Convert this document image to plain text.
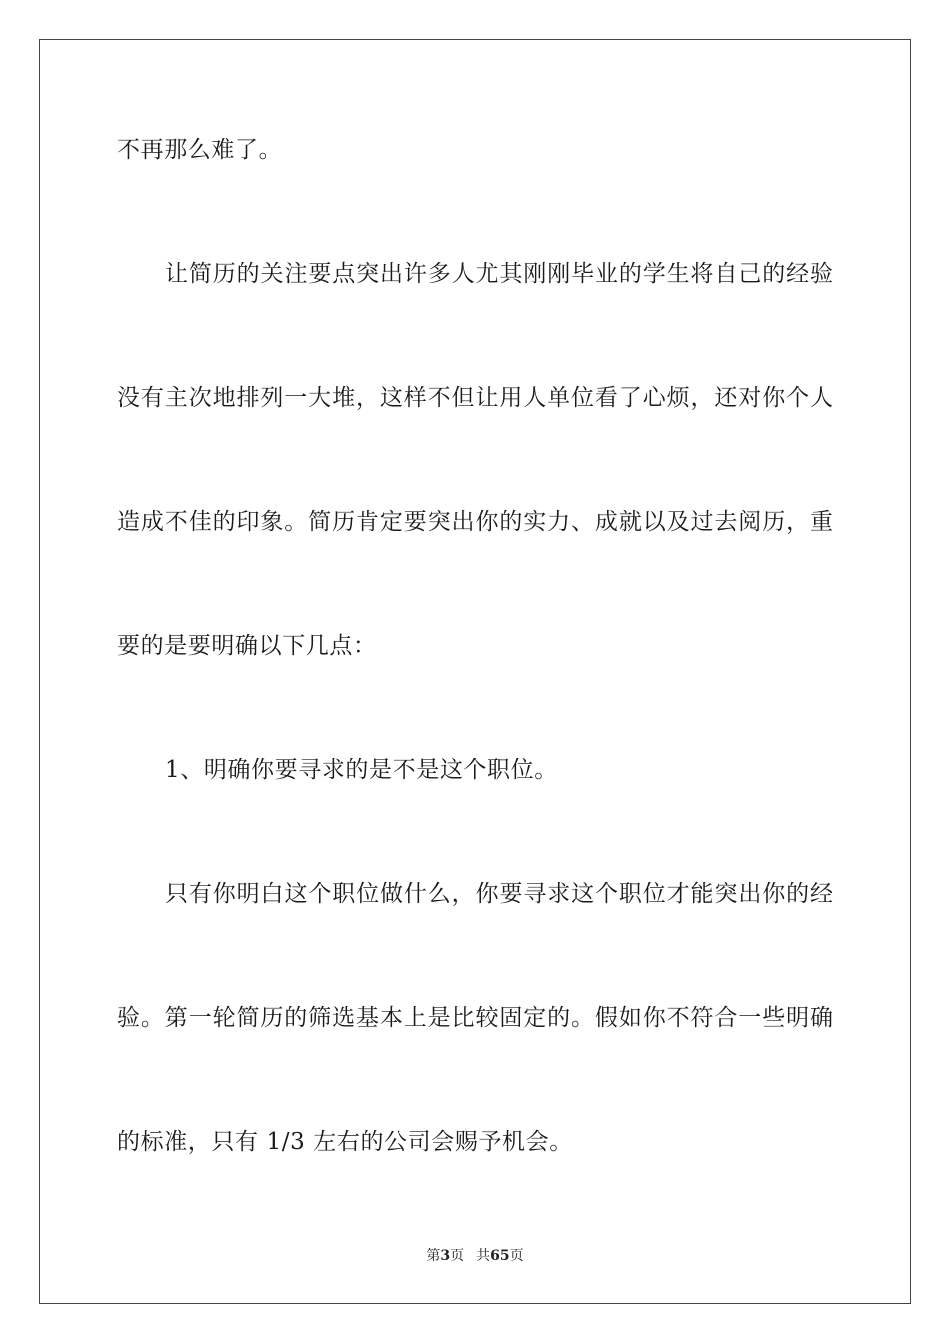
不再那么难了。
让简历的关注要点突出许多人尤其刚刚毕业的学生将自己的经验
没有主次地排列一大堆，这样不但让用人单位看了心烦，还对你个人
造成不佳的印象。简历肯定要突出你的实力、成就以及过去阅历，重
要的是要明确以下几点：
1、明确你要寻求的是不是这个职位。
只有你明白这个职位做什么，你要寻求这个职位才能突出你的经
验。第一轮简历的筛选基本上是比较固定的。假如你不符合一些明确
的标准，只有 1/3 左右的公司会赐予机会。
第3页 共65页
